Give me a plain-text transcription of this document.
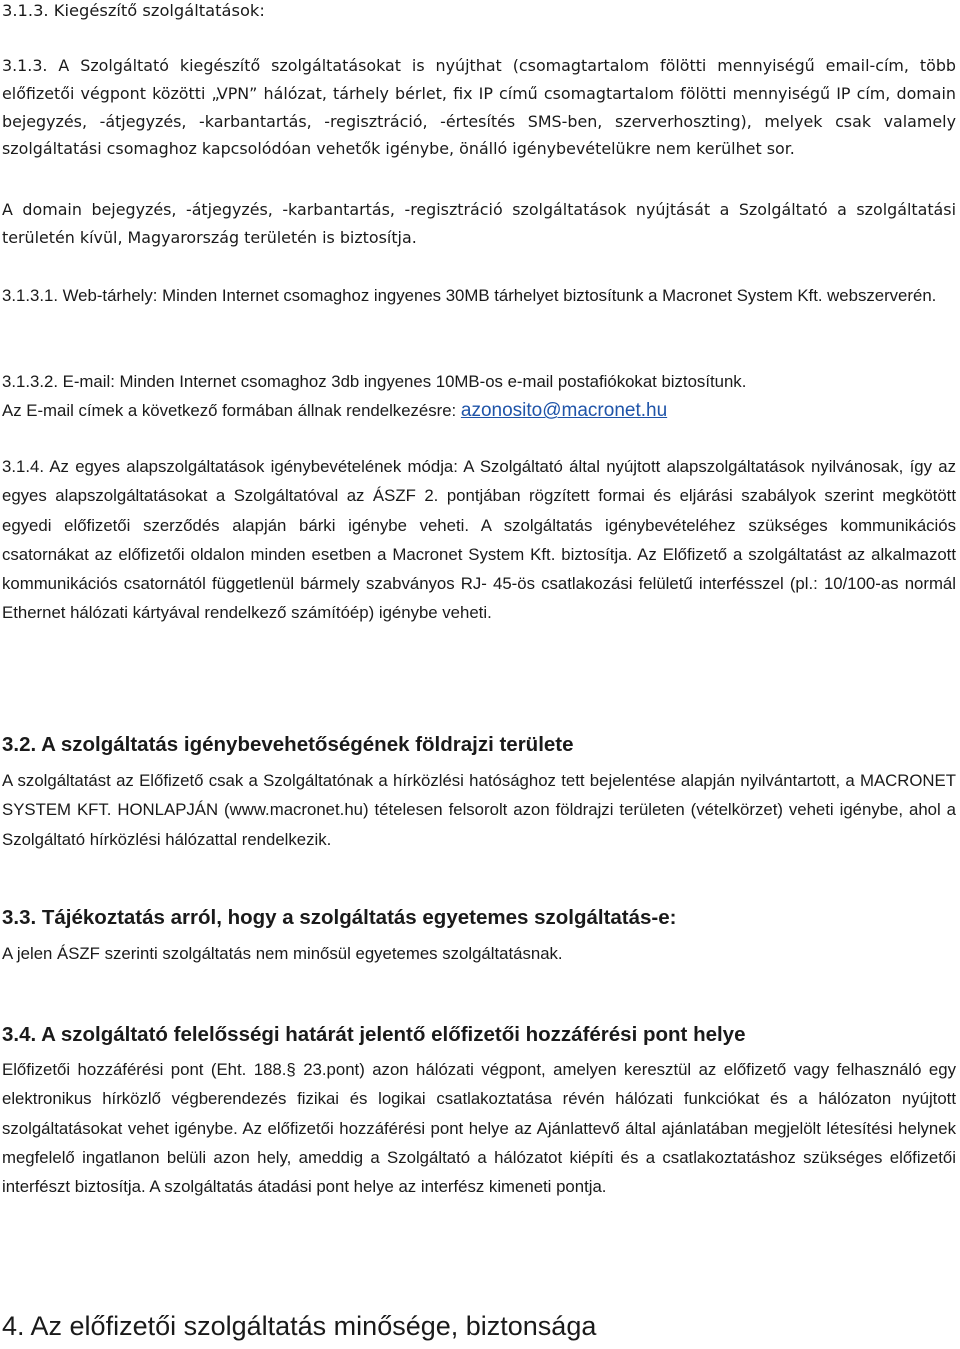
3.1.3. Kiegészítő szolgáltatások:

3.1.3. A Szolgáltató kiegészítő szolgáltatásokat is nyújthat (csomagtartalom fölötti mennyiségű email-cím, több előfizetői végpont közötti „VPN” hálózat, tárhely bérlet, fix IP című csomagtartalom fölötti mennyiségű IP cím, domain bejegyzés, -átjegyzés, -karbantartás, -regisztráció, -értesítés SMS-ben, szerverhoszting), melyek csak valamely szolgáltatási csomaghoz kapcsolódóan vehetők igénybe, önálló igénybevételükre nem kerülhet sor.

A domain bejegyzés, -átjegyzés, -karbantartás, -regisztráció szolgáltatások nyújtását a Szolgáltató a szolgáltatási területén kívül, Magyarország területén is biztosítja.

3.1.3.1. Web-tárhely: Minden Internet csomaghoz ingyenes 30MB tárhelyet biztosítunk a Macronet System Kft. webszerverén.

3.1.3.2. E-mail: Minden Internet csomaghoz 3db ingyenes 10MB-os e-mail postafiókokat biztosítunk.

Az E-mail címek a következő formában állnak rendelkezésre: azonosito@macronet.hu

3.1.4. Az egyes alapszolgáltatások igénybevételének módja: A Szolgáltató által nyújtott alapszolgáltatások nyilvánosak, így az egyes alapszolgáltatásokat a Szolgáltatóval az ÁSZF 2. pontjában rögzített formai és eljárási szabályok szerint megkötött egyedi előfizetői szerződés alapján bárki igénybe veheti. A szolgáltatás igénybevételéhez szükséges kommunikációs csatornákat az előfizetői oldalon minden esetben a Macronet System Kft. biztosítja. Az Előfizető a szolgáltatást az alkalmazott kommunikációs csatornától függetlenül bármely szabványos RJ- 45-ös csatlakozási felületű interfésszel (pl.: 10/100-as normál Ethernet hálózati kártyával rendelkező számítóép) igénybe veheti.

3.2. A szolgáltatás igénybevehetőségének földrajzi területe

A szolgáltatást az Előfizető csak a Szolgáltatónak a hírközlési hatósághoz tett bejelentése alapján nyilvántartott, a MACRONET SYSTEM KFT. HONLAPJÁN (www.macronet.hu) tételesen felsorolt azon földrajzi területen (vételkörzet) veheti igénybe, ahol a Szolgáltató hírközlési hálózattal rendelkezik.

3.3. Tájékoztatás arról, hogy a szolgáltatás egyetemes szolgáltatás-e:

A jelen ÁSZF szerinti szolgáltatás nem minősül egyetemes szolgáltatásnak.

3.4. A szolgáltató felelősségi határát jelentő előfizetői hozzáférési pont helye

Előfizetői hozzáférési pont (Eht. 188.§ 23.pont) azon hálózati végpont, amelyen keresztül az előfizető vagy felhasználó egy elektronikus hírközlő végberendezés fizikai és logikai csatlakoztatása révén hálózati funkciókat és a hálózaton nyújtott szolgáltatásokat vehet igénybe. Az előfizetői hozzáférési pont helye az Ajánlattevő által ajánlatában megjelölt létesítési helynek megfelelő ingatlanon belüli azon hely, ameddig a Szolgáltató a hálózatot kiépíti és a csatlakoztatáshoz szükséges előfizetői interfészt biztosítja. A szolgáltatás átadási pont helye az interfész kimeneti pontja.

4. Az előfizetői szolgáltatás minősége, biztonsága
